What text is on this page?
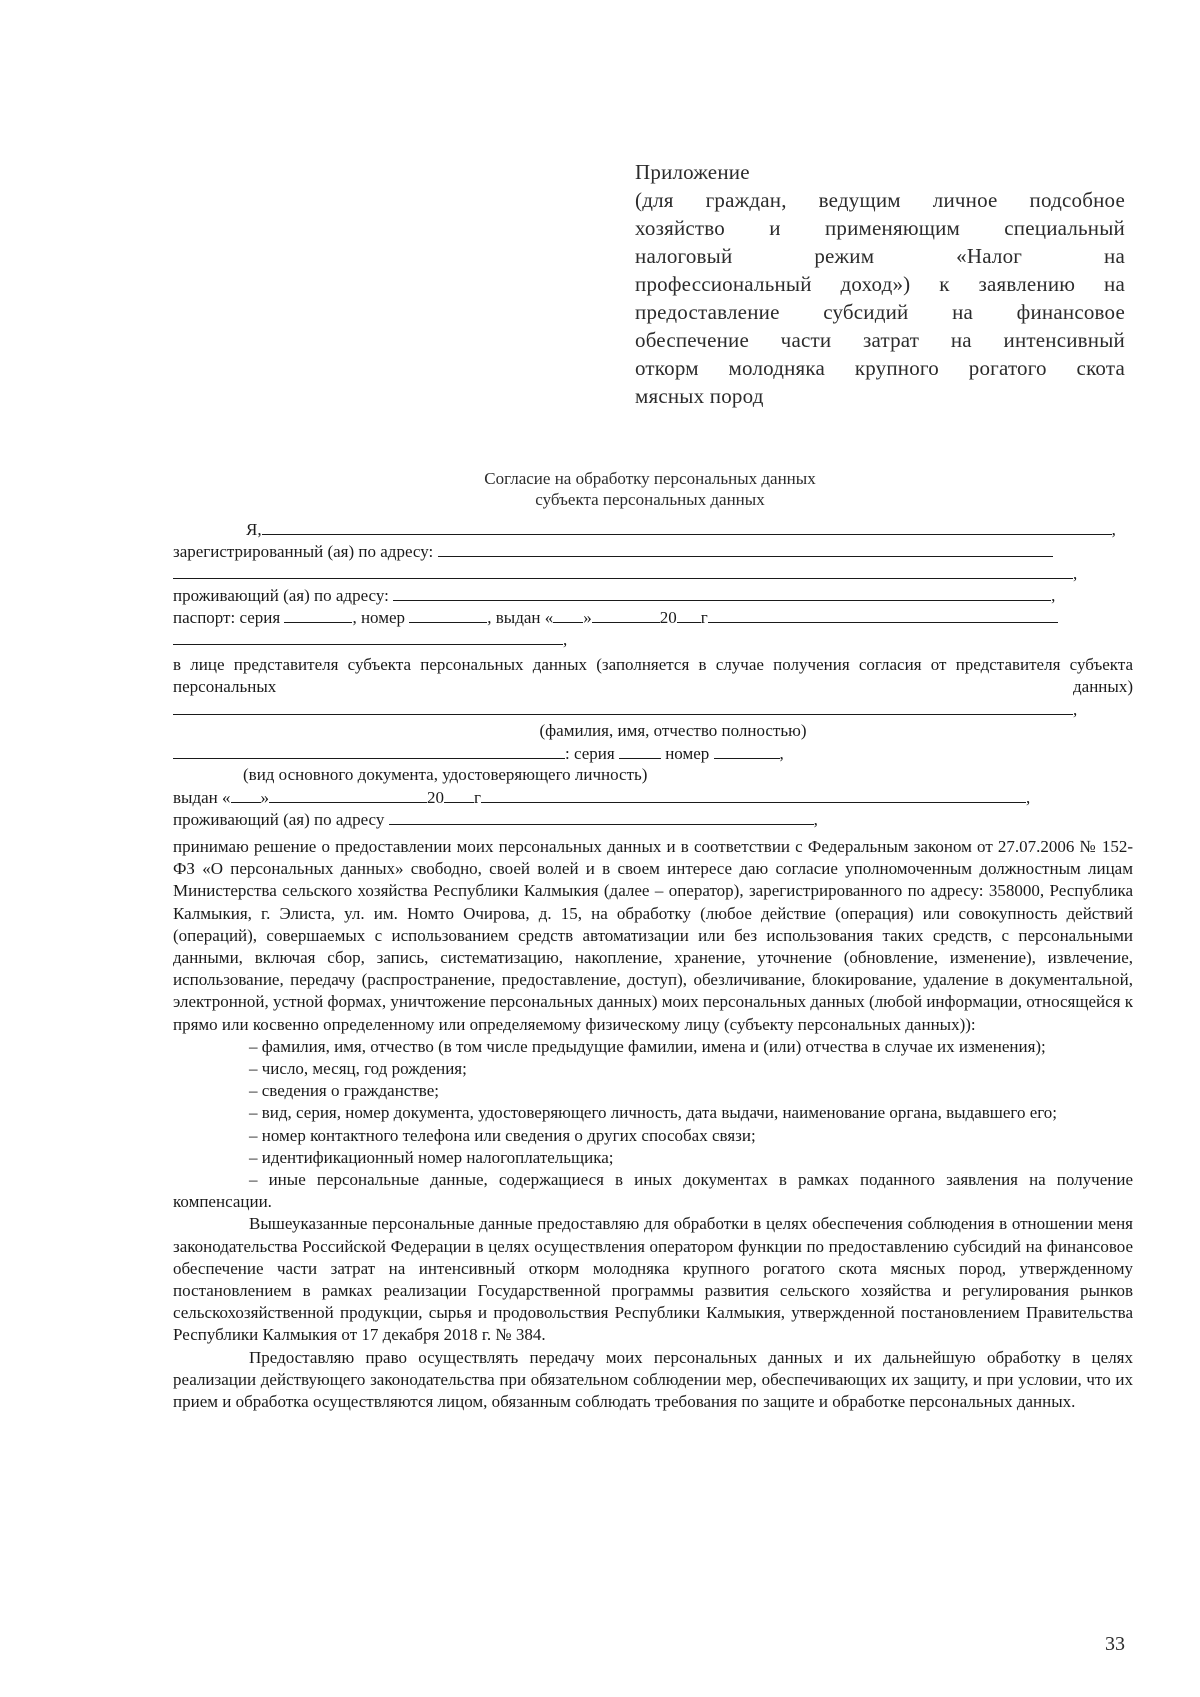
Приложение
(для граждан, ведущим личное подсобное
хозяйство и применяющим специальный
налоговый режим «Налог на
профессиональный доход») к заявлению на
предоставление субсидий на финансовое
обеспечение части затрат на интенсивный
откорм молодняка крупного рогатого скота
мясных пород
Согласие на обработку персональных данных
субъекта персональных данных
Я,	,
зарегистрированный (ая) по адресу:
,
проживающий (ая) по адресу:	,
паспорт: серия	, номер	, выдан « »	20 г
,
в лице представителя субъекта персональных данных (заполняется в случае получения согласия от представителя субъекта персональных данных)
,
(фамилия, имя, отчество полностью)
: серия	номер	,
(вид основного документа, удостоверяющего личность)
выдан « »	20 г	,
проживающий (ая) по адресу	,

принимаю решение о предоставлении моих персональных данных и в соответствии с Федеральным законом от 27.07.2006 № 152-ФЗ «О персональных данных» свободно, своей волей и в своем интересе даю согласие уполномоченным должностным лицам Министерства сельского хозяйства Республики Калмыкия (далее – оператор), зарегистрированного по адресу: 358000, Республика Калмыкия, г. Элиста, ул. им. Номто Очирова, д. 15, на обработку (любое действие (операция) или совокупность действий (операций), совершаемых с использованием средств автоматизации или без использования таких средств, с персональными данными, включая сбор, запись, систематизацию, накопление, хранение, уточнение (обновление, изменение), извлечение, использование, передачу (распространение, предоставление, доступ), обезличивание, блокирование, удаление в документальной, электронной, устной формах, уничтожение персональных данных) моих персональных данных (любой информации, относящейся к прямо или косвенно определенному или определяемому физическому лицу (субъекту персональных данных)):

– фамилия, имя, отчество (в том числе предыдущие фамилии, имена и (или) отчества в случае их изменения);

– число, месяц, год рождения;

– сведения о гражданстве;

– вид, серия, номер документа, удостоверяющего личность, дата выдачи, наименование органа, выдавшего его;

– номер контактного телефона или сведения о других способах связи;

– идентификационный номер налогоплательщика;

– иные персональные данные, содержащиеся в иных документах в рамках поданного заявления на получение компенсации.

Вышеуказанные персональные данные предоставляю для обработки в целях обеспечения соблюдения в отношении меня законодательства Российской Федерации в целях осуществления оператором функции по предоставлению субсидий на финансовое обеспечение части затрат на интенсивный откорм молодняка крупного рогатого скота мясных пород, утвержденному постановлением в рамках реализации Государственной программы развития сельского хозяйства и регулирования рынков сельскохозяйственной продукции, сырья и продовольствия Республики Калмыкия, утвержденной постановлением Правительства Республики Калмыкия от 17 декабря 2018 г. № 384.

Предоставляю право осуществлять передачу моих персональных данных и их дальнейшую обработку в целях реализации действующего законодательства при обязательном соблюдении мер, обеспечивающих их защиту, и при условии, что их прием и обработка осуществляются лицом, обязанным соблюдать требования по защите и обработке персональных данных.

33
